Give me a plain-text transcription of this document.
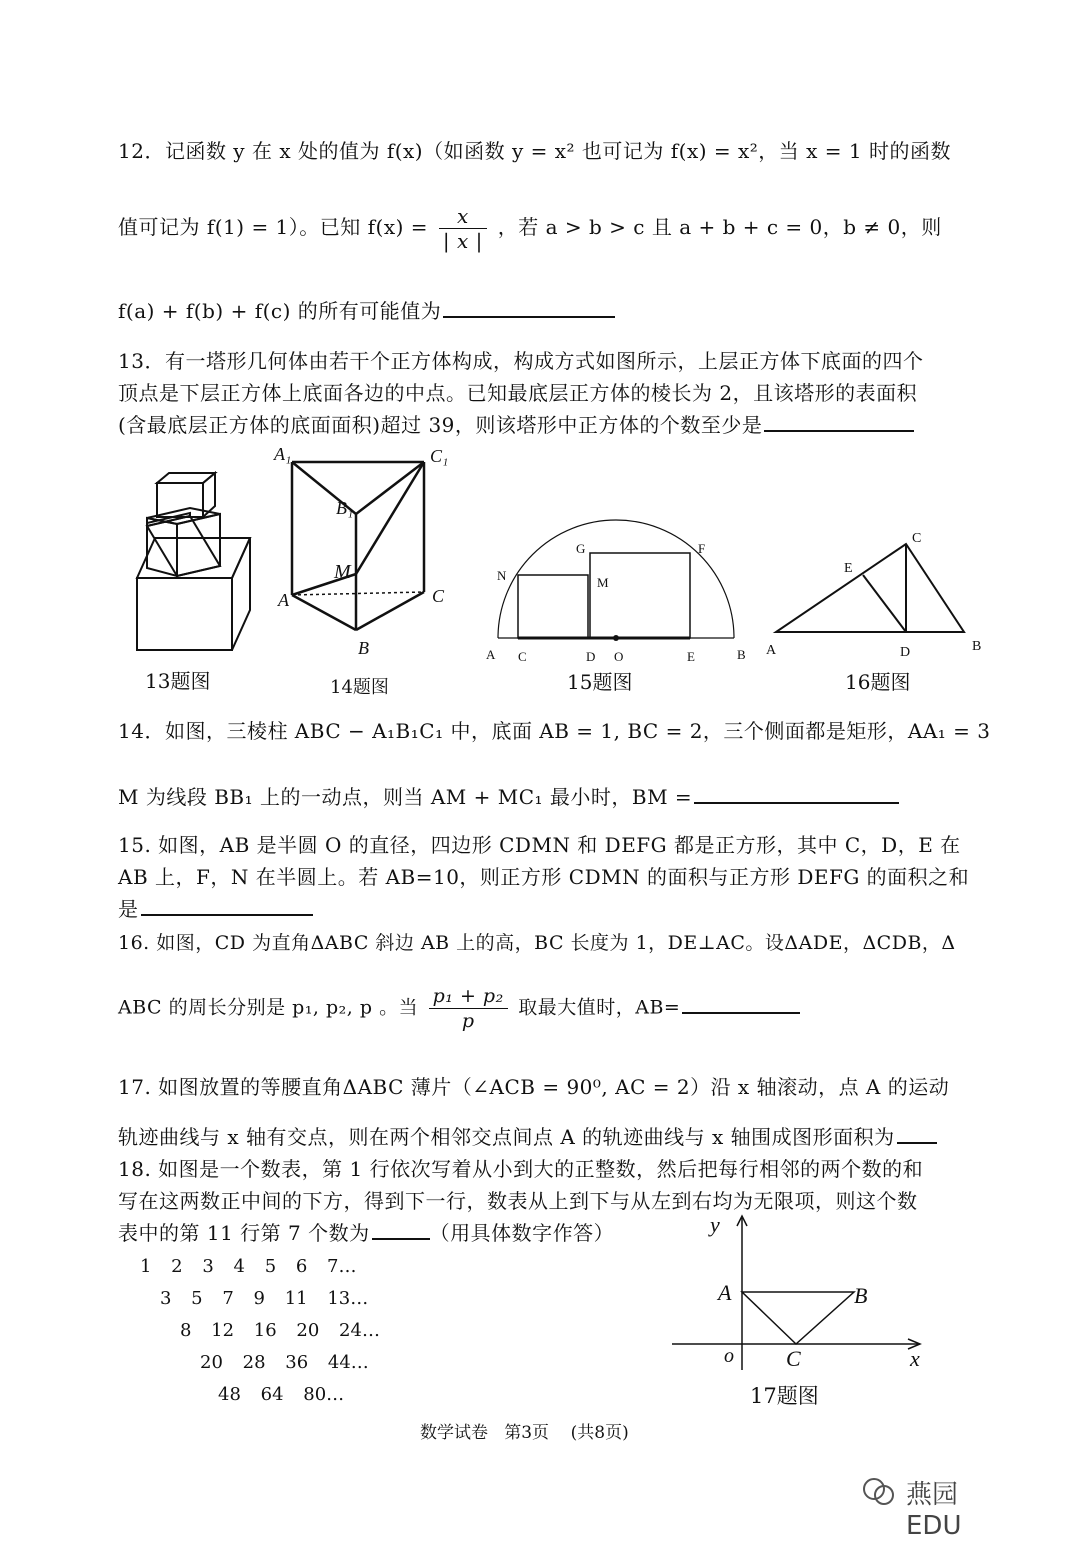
12．记函数 y 在 x 处的值为 f(x)（如函数 y = x² 也可记为 f(x) = x²，当 x = 1 时的函数
值可记为 f(1) = 1）。已知 $f(x) = \frac{x}{| x |}$ ，若 a > b > c 且 a + b + c = 0，b ≠ 0，则
f(a) + f(b) + f(c) 的所有可能值为
13．有一塔形几何体由若干个正方体构成，构成方式如图所示，上层正方体下底面的四个
顶点是下层正方体上底面各边的中点。已知最底层正方体的棱长为 2，且该塔形的表面积
(含最底层正方体的底面面积)超过 39，则该塔形中正方体的个数至少是
13题图
A₁	C₁
B₁
M
A	C
B
14题图
N
G	F
M
A C	D O	E	B
15题图
C
E
A	D	B
16题图
14．如图，三棱柱 ABC − A₁B₁C₁ 中，底面 AB = 1, BC = 2，三个侧面都是矩形，AA₁ = 3
M 为线段 BB₁ 上的一动点，则当 AM + MC₁ 最小时，BM =
15. 如图，AB 是半圆 O 的直径，四边形 CDMN 和 DEFG 都是正方形，其中 C，D，E 在
AB 上，F，N 在半圆上。若 AB=10，则正方形 CDMN 的面积与正方形 DEFG 的面积之和
是
16. 如图，CD 为直角ΔABC 斜边 AB 上的高，BC 长度为 1，DE⊥AC。设ΔADE，ΔCDB，Δ
ABC 的周长分别是 p₁, p₂, p 。当 $\frac{\text{p₁ + p₂}}{p}$ 取最大值时，AB=
17. 如图放置的等腰直角ΔABC 薄片（∠ACB = 90⁰, AC = 2）沿 x 轴滚动，点 A 的运动
轨迹曲线与 x 轴有交点，则在两个相邻交点间点 A 的轨迹曲线与 x 轴围成图形面积为
18. 如图是一个数表，第 1 行依次写着从小到大的正整数，然后把每行相邻的两个数的和
写在这两数正中间的下方，得到下一行，数表从上到下与从左到右均为无限项，则这个数
表中的第 11 行第 7 个数为	（用具体数字作答）
1 2 3 4 5 6 7…
3 5 7 9 11 13…
8 12 16 20 24…
20 28 36 44…
48 64 80…
y
A	B
o C	x
17题图
数学试卷   第3页    (共8页)
燕园EDU
